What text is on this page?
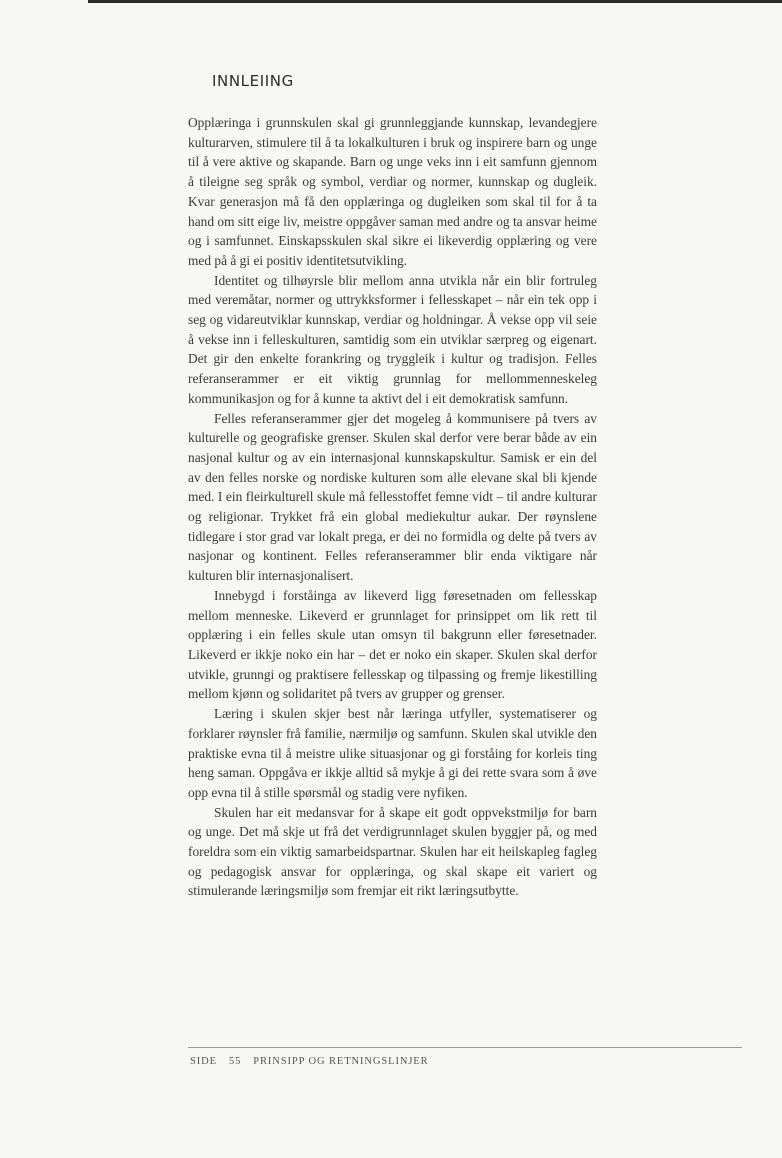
INNLEIING

Opplæringa i grunnskulen skal gi grunnleggjande kunnskap, levandegjere kulturarven, stimulere til å ta lokalkulturen i bruk og inspirere barn og unge til å vere aktive og skapande. Barn og unge veks inn i eit samfunn gjennom å tileigne seg språk og symbol, verdiar og normer, kunnskap og dugleik. Kvar generasjon må få den opplæringa og dugleiken som skal til for å ta hand om sitt eige liv, meistre oppgåver saman med andre og ta ansvar heime og i samfunnet. Einskapsskulen skal sikre ei likeverdig opplæring og vere med på å gi ei positiv identitetsutvikling.

Identitet og tilhøyrsle blir mellom anna utvikla når ein blir fortruleg med veremåtar, normer og uttrykksformer i fellesskapet – når ein tek opp i seg og vidareutviklar kunnskap, verdiar og holdningar. Å vekse opp vil seie å vekse inn i felleskulturen, samtidig som ein utviklar særpreg og eigenart. Det gir den enkelte forankring og tryggleik i kultur og tradisjon. Felles referanserammer er eit viktig grunnlag for mellommenneskeleg kommunikasjon og for å kunne ta aktivt del i eit demokratisk samfunn.

Felles referanserammer gjer det mogeleg å kommunisere på tvers av kulturelle og geografiske grenser. Skulen skal derfor vere berar både av ein nasjonal kultur og av ein internasjonal kunnskapskultur. Samisk er ein del av den felles norske og nordiske kulturen som alle elevane skal bli kjende med. I ein fleirkulturell skule må fellesstoffet femne vidt – til andre kulturar og religionar. Trykket frå ein global mediekultur aukar. Der røynslene tidlegare i stor grad var lokalt prega, er dei no formidla og delte på tvers av nasjonar og kontinent. Felles referanserammer blir enda viktigare når kulturen blir internasjonalisert.

Innebygd i forståinga av likeverd ligg føresetnaden om fellesskap mellom menneske. Likeverd er grunnlaget for prinsippet om lik rett til opplæring i ein felles skule utan omsyn til bakgrunn eller føresetnader. Likeverd er ikkje noko ein har – det er noko ein skaper. Skulen skal derfor utvikle, grunngi og praktisere fellesskap og tilpassing og fremje likestilling mellom kjønn og solidaritet på tvers av grupper og grenser.

Læring i skulen skjer best når læringa utfyller, systematiserer og forklarer røynsler frå familie, nærmiljø og samfunn. Skulen skal utvikle den praktiske evna til å meistre ulike situasjonar og gi forståing for korleis ting heng saman. Oppgåva er ikkje alltid så mykje å gi dei rette svara som å øve opp evna til å stille spørsmål og stadig vere nyfiken.

Skulen har eit medansvar for å skape eit godt oppvekstmiljø for barn og unge. Det må skje ut frå det verdigrunnlaget skulen byggjer på, og med foreldra som ein viktig samarbeidspartnar. Skulen har eit heilskapleg fagleg og pedagogisk ansvar for opplæringa, og skal skape eit variert og stimulerande læringsmiljø som fremjar eit rikt læringsutbytte.

SIDE 55 PRINSIPP OG RETNINGSLINJER
